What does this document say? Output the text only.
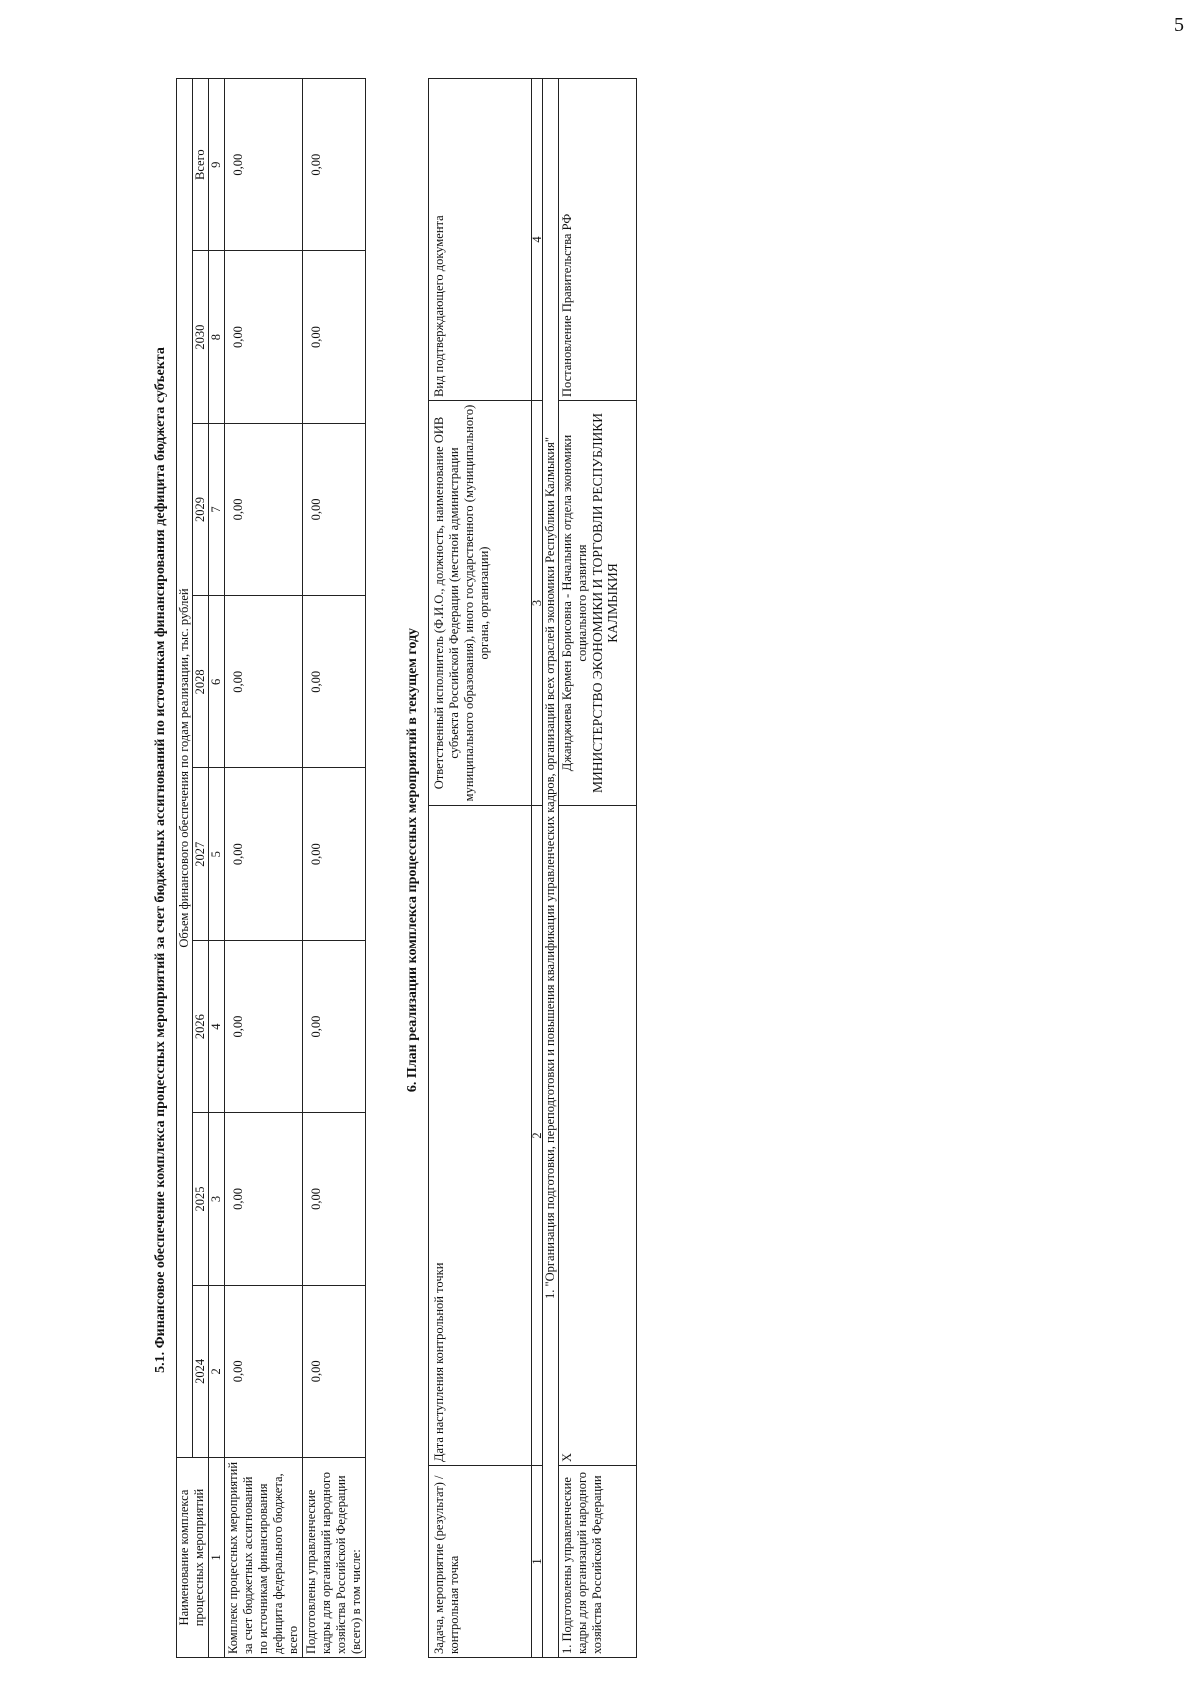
5
5.1. Финансовое обеспечение комплекса процессных мероприятий за счет бюджетных ассигнований по источникам финансирования дефицита бюджета субъекта
Наименование комплекса процессных мероприятий	Объем финансового обеспечения по годам реализации, тыс. рублей							
	2024	2025	2026	2027	2028	2029	2030	Всего
1	2	3	4	5	6	7	8	9
Комплекс процессных мероприятий за счет бюджетных ассигнований по источникам финансирования дефицита федерального бюджета, всего	0,00	0,00	0,00	0,00	0,00	0,00	0,00	0,00
Подготовлены управленческие кадры для организаций народного хозяйства Российской Федерации (всего) в том числе:	0,00	0,00	0,00	0,00	0,00	0,00	0,00	0,00
6. План реализации комплекса процессных мероприятий в текущем году
Задача, мероприятие (результат) / контрольная точка	Дата наступления контрольной точки	Ответственный исполнитель (Ф.И.О., должность, наименование ОИВ субъекта Российской Федерации (местной администрации муниципального образования), иного государственного (муниципального) органа, организации)	Вид подтверждающего документа
1	2	3	4
1. "Организация подготовки, переподготовки и повышения квалификации управленческих кадров, организаций всех отраслей экономики Республики Калмыкия"			
1. Подготовлены управленческие кадры для организаций народного хозяйства Российской Федерации	X	Джанджиева Кермен Борисовна - Начальник отдела экономики социального развития МИНИСТЕРСТВО ЭКОНОМИКИ И ТОРГОВЛИ РЕСПУБЛИКИ КАЛМЫКИЯ	Постановление Правительства РФ
